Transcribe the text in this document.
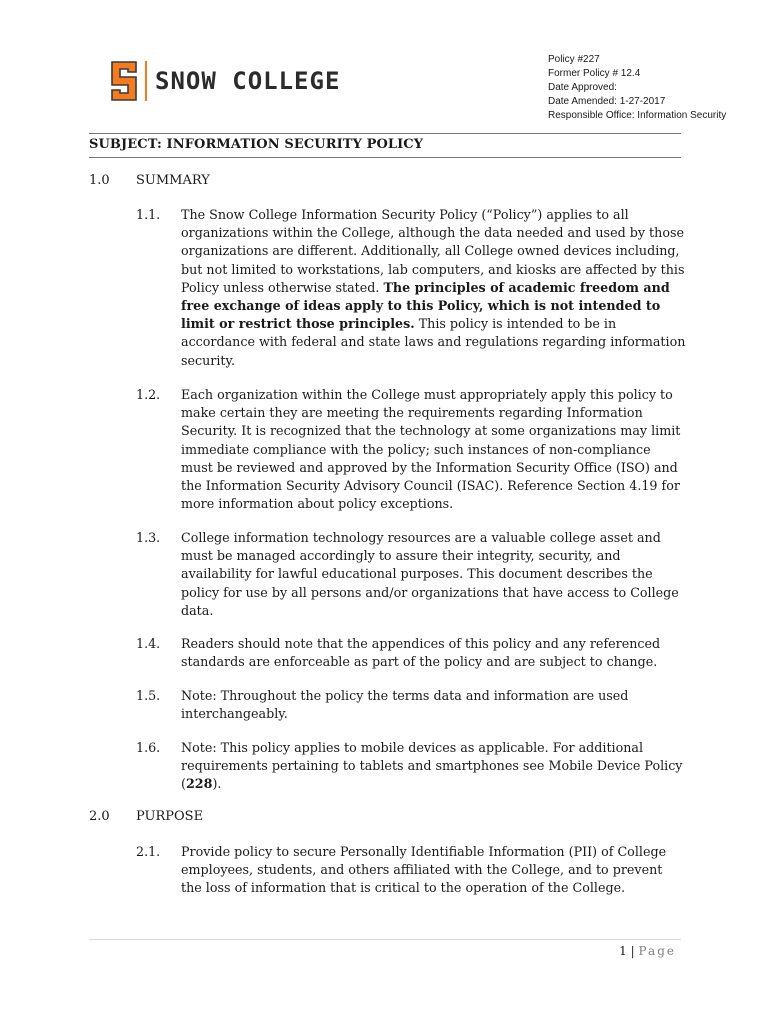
SNOW COLLEGE
Policy #227
Former Policy # 12.4
Date Approved:
Date Amended: 1-27-2017
Responsible Office: Information Security
SUBJECT: INFORMATION SECURITY POLICY
1.0 SUMMARY
1.1. The Snow College Information Security Policy (“Policy”) applies to all organizations within the College, although the data needed and used by those organizations are different. Additionally, all College owned devices including, but not limited to workstations, lab computers, and kiosks are affected by this Policy unless otherwise stated. The principles of academic freedom and free exchange of ideas apply to this Policy, which is not intended to limit or restrict those principles. This policy is intended to be in accordance with federal and state laws and regulations regarding information security.
1.2. Each organization within the College must appropriately apply this policy to make certain they are meeting the requirements regarding Information Security. It is recognized that the technology at some organizations may limit immediate compliance with the policy; such instances of non-compliance must be reviewed and approved by the Information Security Office (ISO) and the Information Security Advisory Council (ISAC). Reference Section 4.19 for more information about policy exceptions.
1.3. College information technology resources are a valuable college asset and must be managed accordingly to assure their integrity, security, and availability for lawful educational purposes. This document describes the policy for use by all persons and/or organizations that have access to College data.
1.4. Readers should note that the appendices of this policy and any referenced standards are enforceable as part of the policy and are subject to change.
1.5. Note: Throughout the policy the terms data and information are used interchangeably.
1.6. Note: This policy applies to mobile devices as applicable. For additional requirements pertaining to tablets and smartphones see Mobile Device Policy (228).
2.0 PURPOSE
2.1. Provide policy to secure Personally Identifiable Information (PII) of College employees, students, and others affiliated with the College, and to prevent the loss of information that is critical to the operation of the College.
1 | Page
